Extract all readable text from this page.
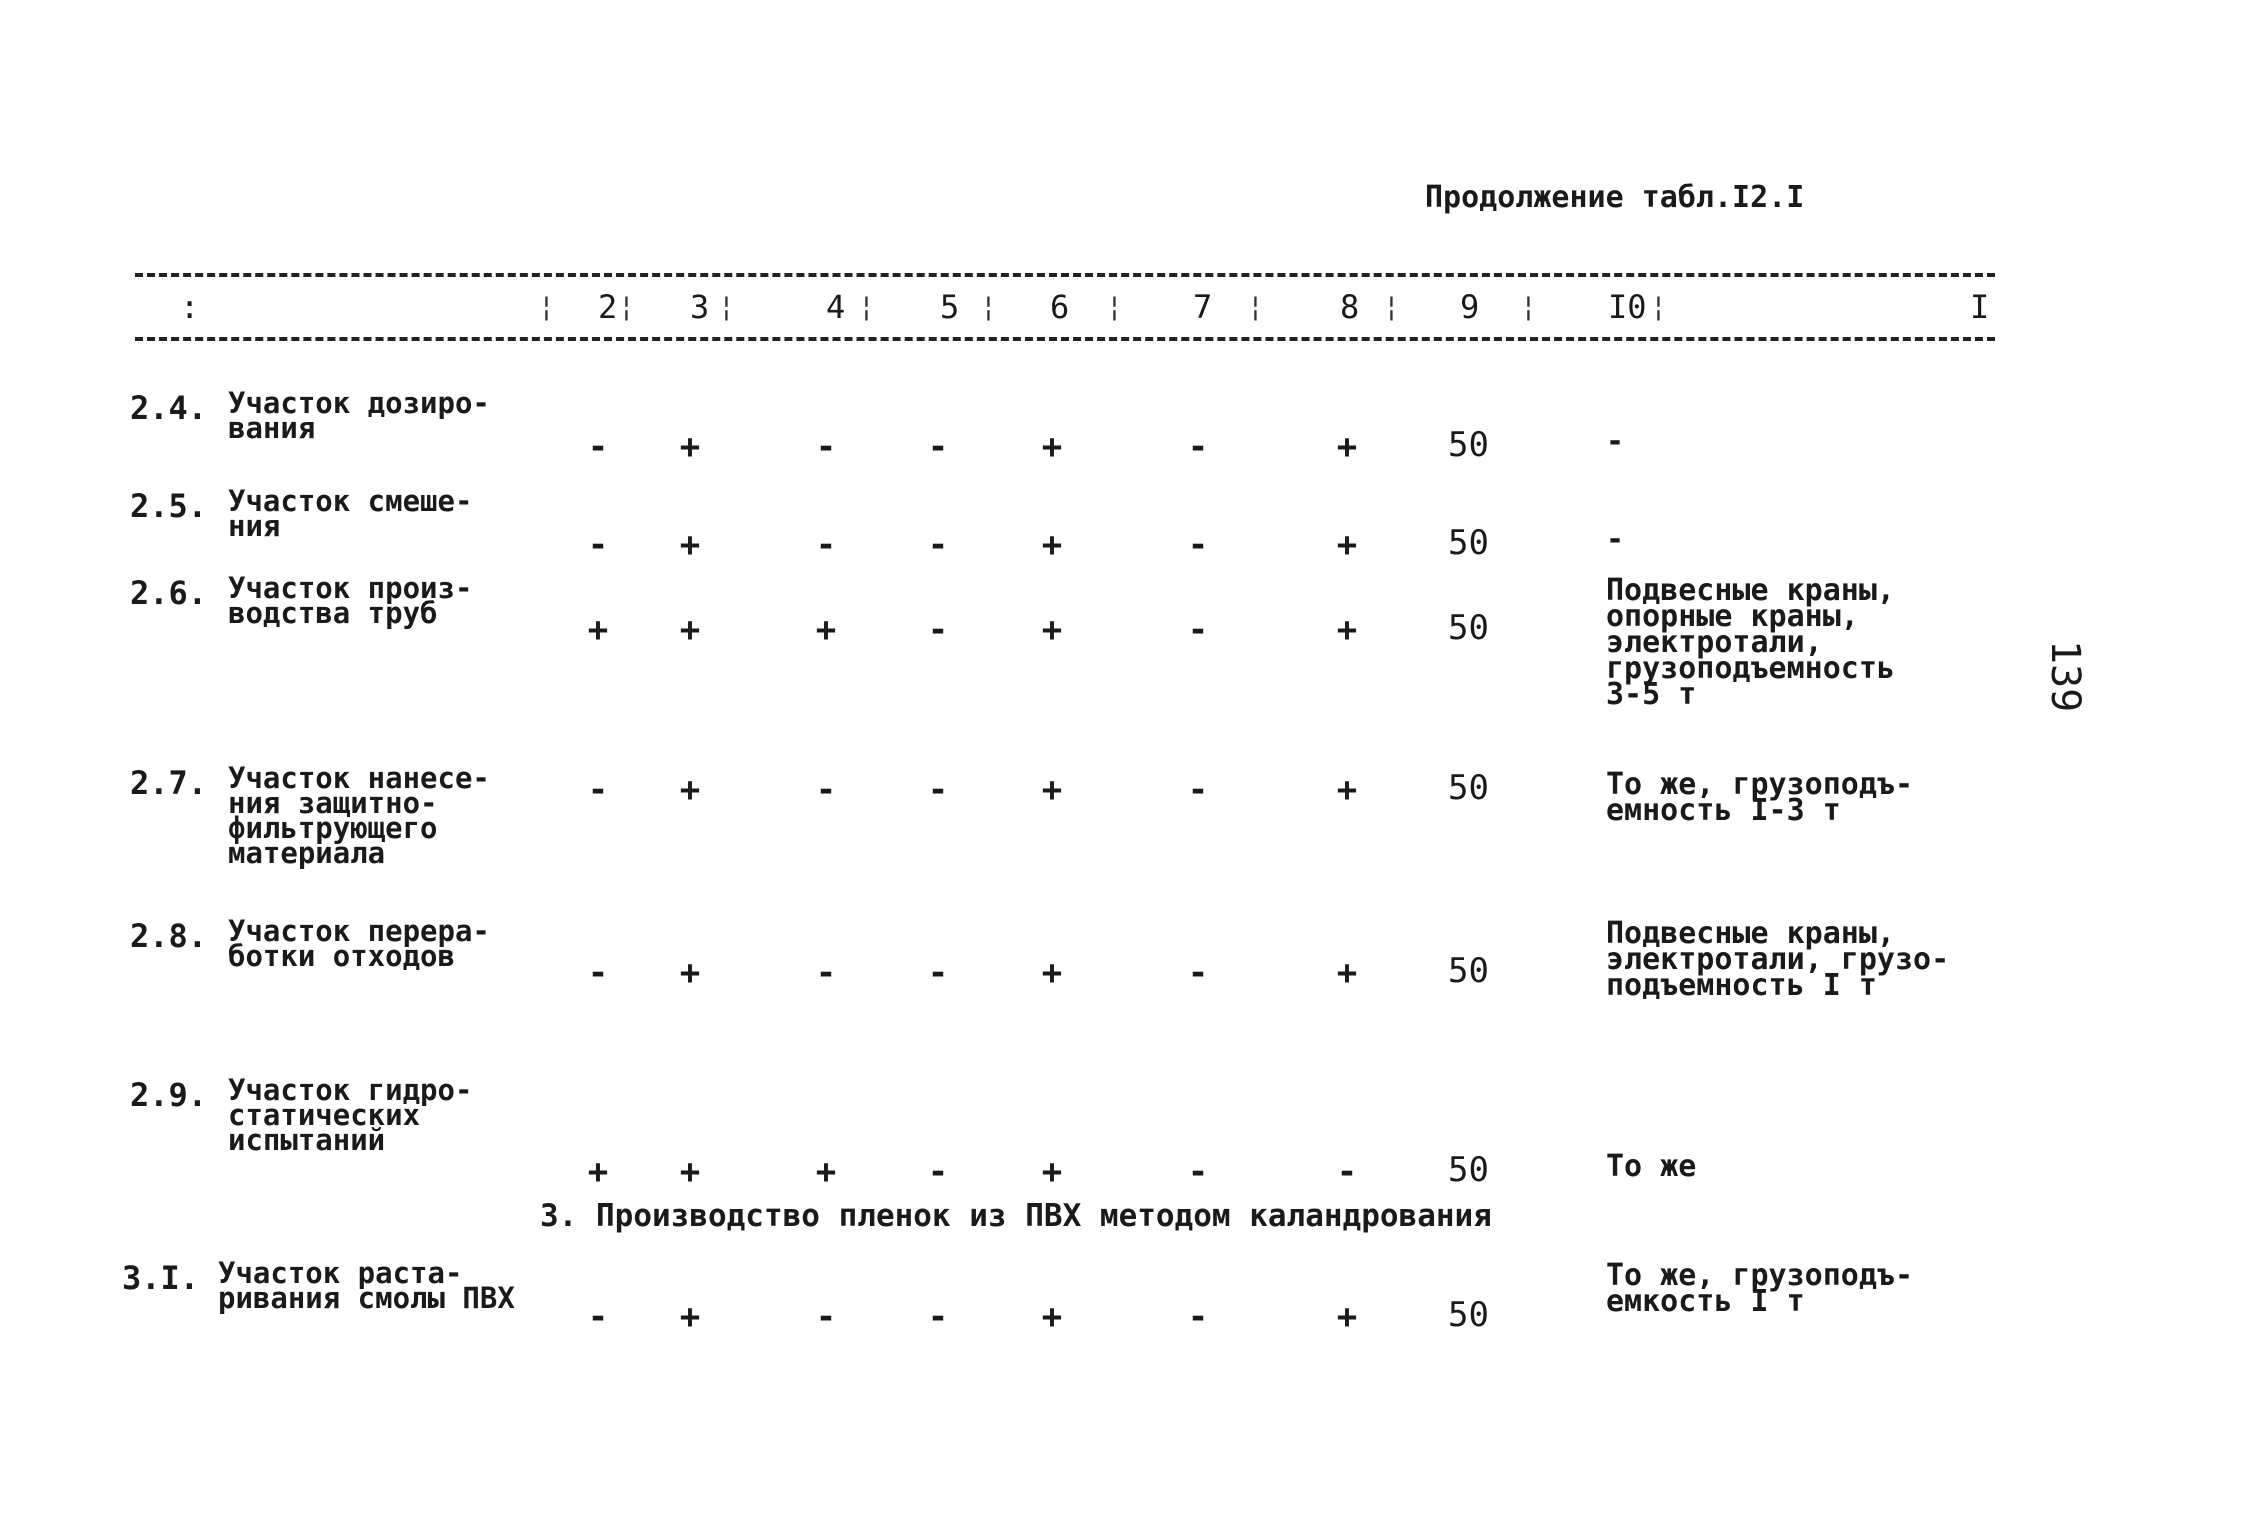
Продолжение табл.I2.I
:	2 3	4	5	6	7	8	9	I0	I
¦ ¦	¦	¦	¦	¦	¦	¦	¦	¦
2.4. Участок дозиро-
вания	- +	-	-	+	-	+	50	-
2.5. Участок смеше-
ния	- +	-	-	+	-	+	50	-
2.6. Участок произ-
водства труб	+ +	+	-	+	-	+	50
Подвесные краны,
опорные краны,
электротали,
грузоподъемность
3-5 т
2.7. Участок нанесе-
ния защитно-
фильтрующего
материала
- +	-	-	+	-	+	50	То же, грузоподъ-
емность I-3 т
2.8. Участок перера-
ботки отходов	- +	-	-	+	-	+	50
Подвесные краны,
электротали, грузо-
подъемность I т
2.9. Участок гидро-
статических
испытаний
+ +	+	-	+	-	-	50	То же
3.I. Участок раста-
ривания смолы ПВХ - +	-	-	+	-	+	50
То же, грузоподъ-
емкость I т
3. Производство пленок из ПВХ методом каландрования
139
